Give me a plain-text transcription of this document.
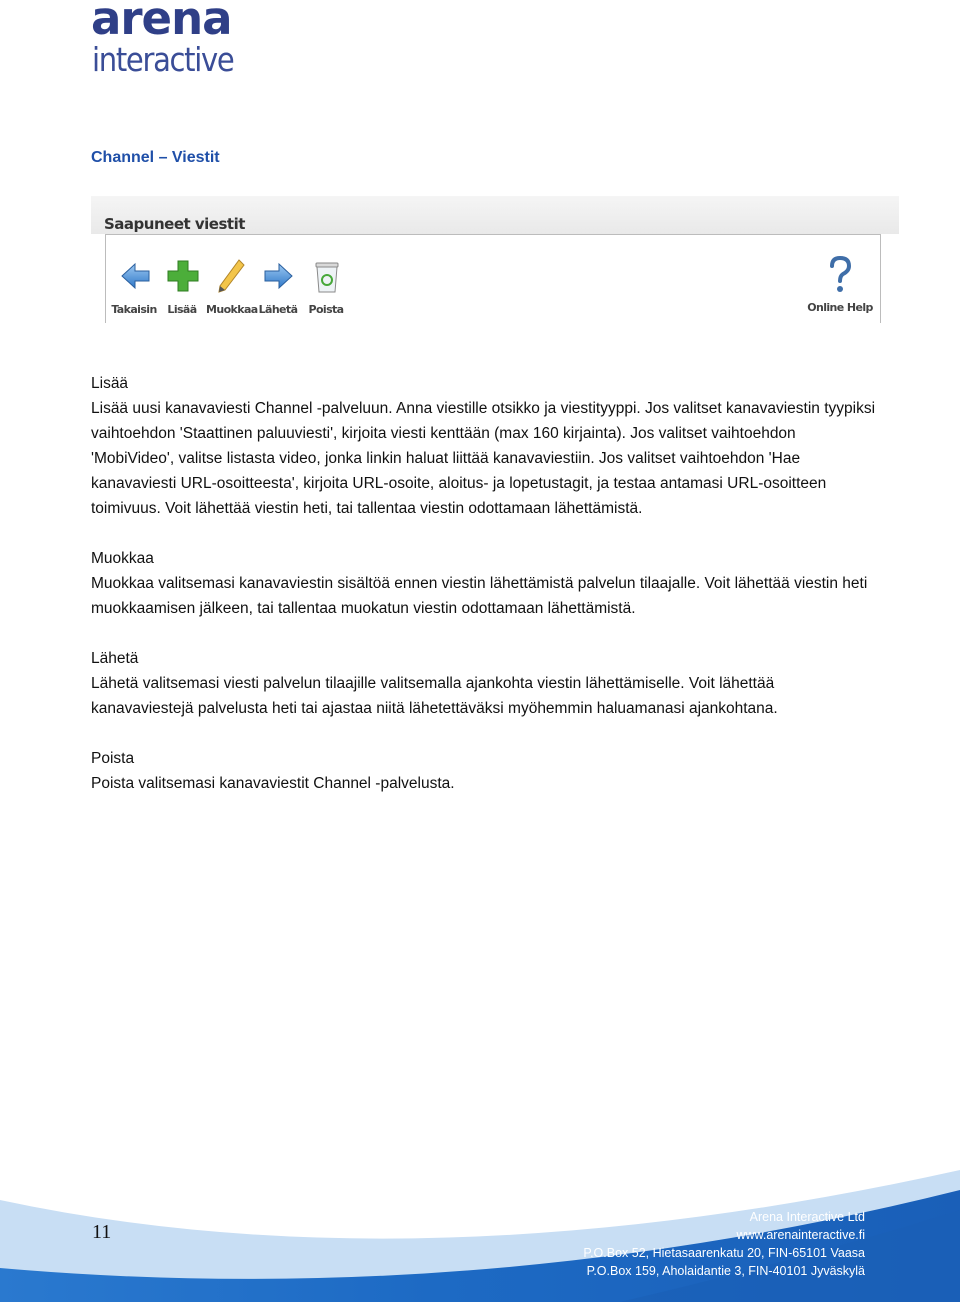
arena
interactive
Channel – Viestit
Saapuneet viestit
Takaisin Lisää Muokkaa Lähetä	Poista	Online Help

Lisää

Lisää uusi kanavaviesti Channel -palveluun. Anna viestille otsikko ja viestityyppi. Jos valitset kanavaviestin tyypiksi vaihtoehdon 'Staattinen paluuviesti', kirjoita viesti kenttään (max 160 kirjainta). Jos valitset vaihtoehdon 'MobiVideo', valitse listasta video, jonka linkin haluat liittää kanavaviestiin. Jos valitset vaihtoehdon 'Hae kanavaviesti URL-osoitteesta', kirjoita URL-osoite, aloitus- ja lopetustagit, ja testaa antamasi URL-osoitteen toimivuus. Voit lähettää viestin heti, tai tallentaa viestin odottamaan lähettämistä.

Muokkaa

Muokkaa valitsemasi kanavaviestin sisältöä ennen viestin lähettämistä palvelun tilaajalle. Voit lähettää viestin heti muokkaamisen jälkeen, tai tallentaa muokatun viestin odottamaan lähettämistä.

Lähetä

Lähetä valitsemasi viesti palvelun tilaajille valitsemalla ajankohta viestin lähettämiselle. Voit lähettää kanavaviestejä palvelusta heti tai ajastaa niitä lähetettäväksi myöhemmin haluamanasi ajankohtana.

Poista

Poista valitsemasi kanavaviestit Channel -palvelusta.

11
Arena Interactive Ltd
www.arenainteractive.fi
P.O.Box 52, Hietasaarenkatu 20, FIN-65101 Vaasa
P.O.Box 159, Aholaidantie 3, FIN-40101 Jyväskylä
